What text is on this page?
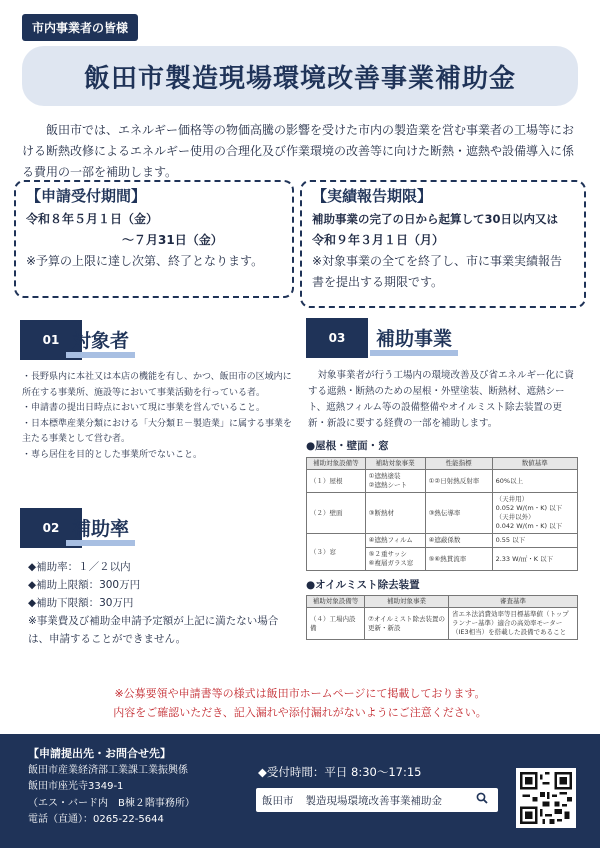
市内事業者の皆様
飯田市製造現場環境改善事業補助金
飯田市では、エネルギー価格等の物価高騰の影響を受けた市内の製造業を営む事業者の工場等における断熱改修によるエネルギー使用の合理化及び作業環境の改善等に向けた断熱・遮熱や設備導入に係る費用の一部を補助します。
【申請受付期間】
令和８年５月１日（金）
～７月31日（金）
※予算の上限に達し次第、終了となります。
【実績報告期限】
補助事業の完了の日から起算して30日以内又は
令和９年３月１日（月）
※対象事業の全てを終了し、市に事業実績報告書を提出する期限です。
01 対象者
・長野県内に本社又は本店の機能を有し、かつ、飯田市の区域内に所在する事業所、施設等において事業活動を行っている者。
・申請書の提出日時点において現に事業を営んでいること。
・日本標準産業分類における「大分類Ｅ－製造業」に属する事業を主たる事業として営む者。
・専ら居住を目的とした事業所でないこと。
02 補助率
◆補助率：１／２以内
◆補助上限額：300万円
◆補助下限額：30万円
※事業費及び補助金申請予定額が上記に満たない場合は、申請することができません。
03	補助事業
対象事業者が行う工場内の環境改善及び省エネルギー化に資する遮熱・断熱のための屋根・外壁塗装、断熱材、遮熱シート、遮熱フィルム等の設備整備やオイルミスト除去装置の更新・新設に要する経費の一部を補助します。
●屋根・壁面・窓
補助対象設備等	補助対象事業	性能指標	数値基準
（１）屋根	①遮熱塗装
②遮熱シート	①②日射熱反射率	60%以上
（２）壁面	③断熱材	③熱伝導率	（天井用）
0.052 W/(m・K) 以下
（天井以外）
0.042 W/(m・K) 以下
（３）窓	④遮熱フィルム	④遮蔽係数	0.55 以下
	⑤２重サッシ
⑥複層ガラス窓	⑤⑥熱貫流率	2.33 W/㎡・K 以下
●オイルミスト除去装置
補助対象設備等	補助対象事業	審査基準
（４）工場内設備	⑦オイルミスト除去装置の更新・新設	省エネ法消費効率等目標基準値（トップランナー基準）適合の高効率モーター（IE3相当）を搭載した設備であること
※公募要領や申請書等の様式は飯田市ホームページにて掲載しております。
内容をご確認いただき、記入漏れや添付漏れがないようにご注意ください。
【申請提出先・お問合せ先】
飯田市産業経済部工業課工業振興係
飯田市座光寺3349-1
（エス・バード内　B棟２階事務所）
電話（直通）：0265-22-5644
◆受付時間：平日 8:30～17:15
飯田市 製造現場環境改善事業補助金
